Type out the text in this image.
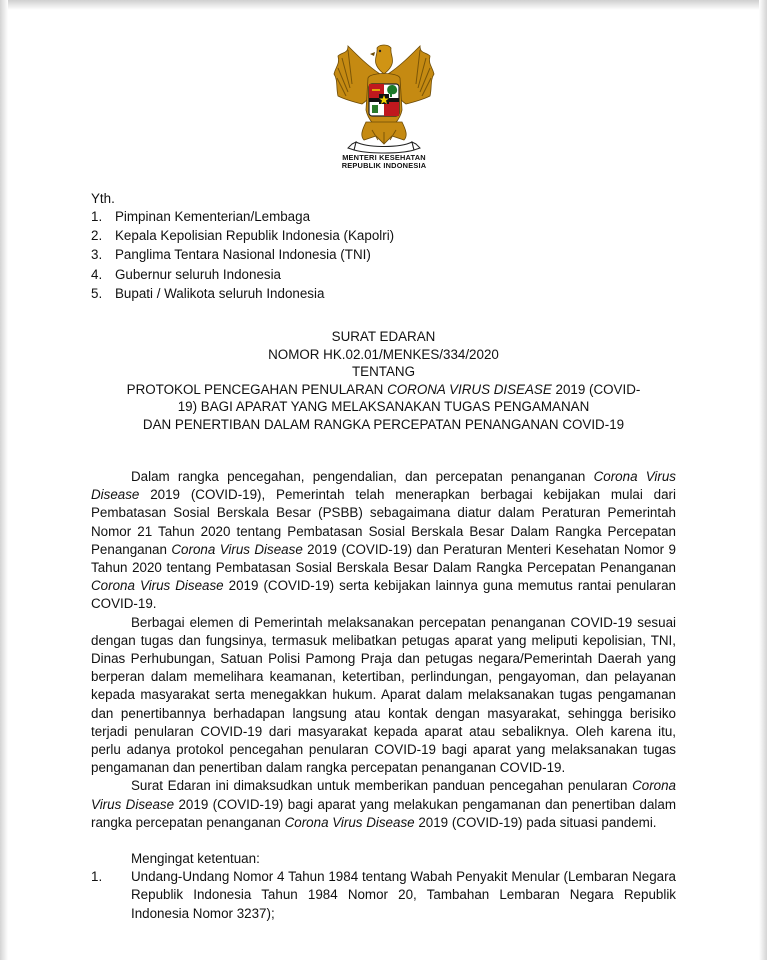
MENTERI KESEHATAN
REPUBLIK INDONESIA
Yth.
1. Pimpinan Kementerian/Lembaga
2. Kepala Kepolisian Republik Indonesia (Kapolri)
3. Panglima Tentara Nasional Indonesia (TNI)
4. Gubernur seluruh Indonesia
5. Bupati / Walikota seluruh Indonesia
SURAT EDARAN
NOMOR HK.02.01/MENKES/334/2020
TENTANG
PROTOKOL PENCEGAHAN PENULARAN CORONA VIRUS DISEASE 2019 (COVID-
19) BAGI APARAT YANG MELAKSANAKAN TUGAS PENGAMANAN
DAN PENERTIBAN DALAM RANGKA PERCEPATAN PENANGANAN COVID-19

Dalam rangka pencegahan, pengendalian, dan percepatan penanganan Corona Virus Disease 2019 (COVID-19), Pemerintah telah menerapkan berbagai kebijakan mulai dari Pembatasan Sosial Berskala Besar (PSBB) sebagaimana diatur dalam Peraturan Pemerintah Nomor 21 Tahun 2020 tentang Pembatasan Sosial Berskala Besar Dalam Rangka Percepatan Penanganan Corona Virus Disease 2019 (COVID-19) dan Peraturan Menteri Kesehatan Nomor 9 Tahun 2020 tentang Pembatasan Sosial Berskala Besar Dalam Rangka Percepatan Penanganan Corona Virus Disease 2019 (COVID-19) serta kebijakan lainnya guna memutus rantai penularan COVID-19.

Berbagai elemen di Pemerintah melaksanakan percepatan penanganan COVID-19 sesuai dengan tugas dan fungsinya, termasuk melibatkan petugas aparat yang meliputi kepolisian, TNI, Dinas Perhubungan, Satuan Polisi Pamong Praja dan petugas negara/Pemerintah Daerah yang berperan dalam memelihara keamanan, ketertiban, perlindungan, pengayoman, dan pelayanan kepada masyarakat serta menegakkan hukum. Aparat dalam melaksanakan tugas pengamanan dan penertibannya berhadapan langsung atau kontak dengan masyarakat, sehingga berisiko terjadi penularan COVID-19 dari masyarakat kepada aparat atau sebaliknya. Oleh karena itu, perlu adanya protokol pencegahan penularan COVID-19 bagi aparat yang melaksanakan tugas pengamanan dan penertiban dalam rangka percepatan penanganan COVID-19.

Surat Edaran ini dimaksudkan untuk memberikan panduan pencegahan penularan Corona Virus Disease 2019 (COVID-19) bagi aparat yang melakukan pengamanan dan penertiban dalam rangka percepatan penanganan Corona Virus Disease 2019 (COVID-19) pada situasi pandemi.

Mengingat ketentuan:

1.	Undang-Undang Nomor 4 Tahun 1984 tentang Wabah Penyakit Menular (Lembaran Negara Republik Indonesia Tahun 1984 Nomor 20, Tambahan Lembaran Negara Republik Indonesia Nomor 3237);
